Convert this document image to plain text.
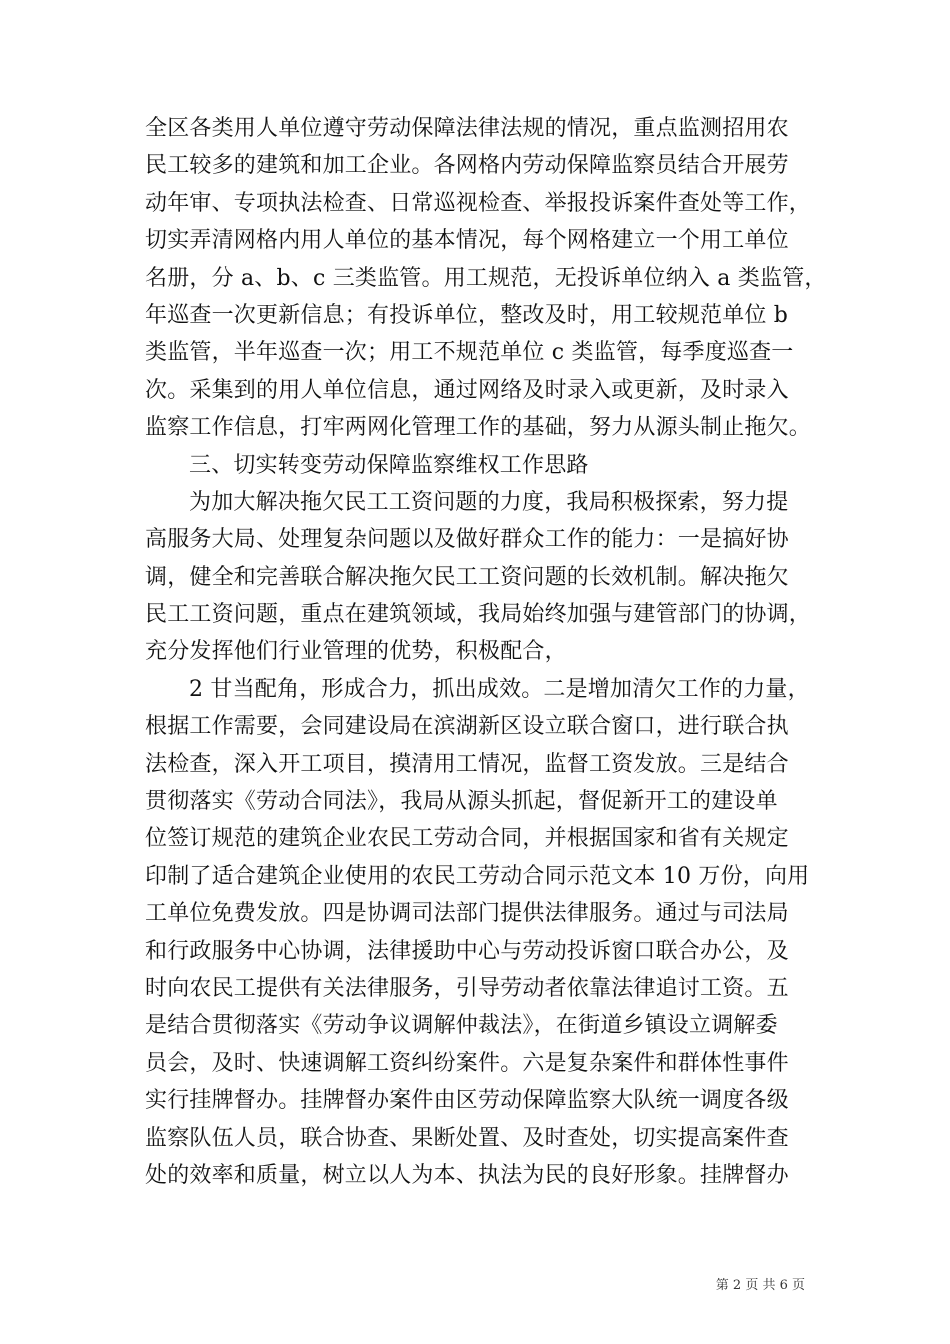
全区各类用人单位遵守劳动保障法律法规的情况，重点监测招用农
民工较多的建筑和加工企业。各网格内劳动保障监察员结合开展劳
动年审、专项执法检查、日常巡视检查、举报投诉案件查处等工作，
切实弄清网格内用人单位的基本情况，每个网格建立一个用工单位
名册，分 a、b、c 三类监管。用工规范，无投诉单位纳入 a 类监管，
年巡查一次更新信息；有投诉单位，整改及时，用工较规范单位 b
类监管，半年巡查一次；用工不规范单位 c 类监管，每季度巡查一
次。采集到的用人单位信息，通过网络及时录入或更新，及时录入
监察工作信息，打牢两网化管理工作的基础，努力从源头制止拖欠。
三、切实转变劳动保障监察维权工作思路
为加大解决拖欠民工工资问题的力度，我局积极探索，努力提
高服务大局、处理复杂问题以及做好群众工作的能力：一是搞好协
调，健全和完善联合解决拖欠民工工资问题的长效机制。解决拖欠
民工工资问题，重点在建筑领域，我局始终加强与建管部门的协调，
充分发挥他们行业管理的优势，积极配合，
2 甘当配角，形成合力，抓出成效。二是增加清欠工作的力量，
根据工作需要，会同建设局在滨湖新区设立联合窗口，进行联合执
法检查，深入开工项目，摸清用工情况，监督工资发放。三是结合
贯彻落实《劳动合同法》，我局从源头抓起，督促新开工的建设单
位签订规范的建筑企业农民工劳动合同，并根据国家和省有关规定
印制了适合建筑企业使用的农民工劳动合同示范文本 10 万份，向用
工单位免费发放。四是协调司法部门提供法律服务。通过与司法局
和行政服务中心协调，法律援助中心与劳动投诉窗口联合办公，及
时向农民工提供有关法律服务，引导劳动者依靠法律追讨工资。五
是结合贯彻落实《劳动争议调解仲裁法》，在街道乡镇设立调解委
员会，及时、快速调解工资纠纷案件。六是复杂案件和群体性事件
实行挂牌督办。挂牌督办案件由区劳动保障监察大队统一调度各级
监察队伍人员，联合协查、果断处置、及时查处，切实提高案件查
处的效率和质量，树立以人为本、执法为民的良好形象。挂牌督办
第 2 页 共 6 页
